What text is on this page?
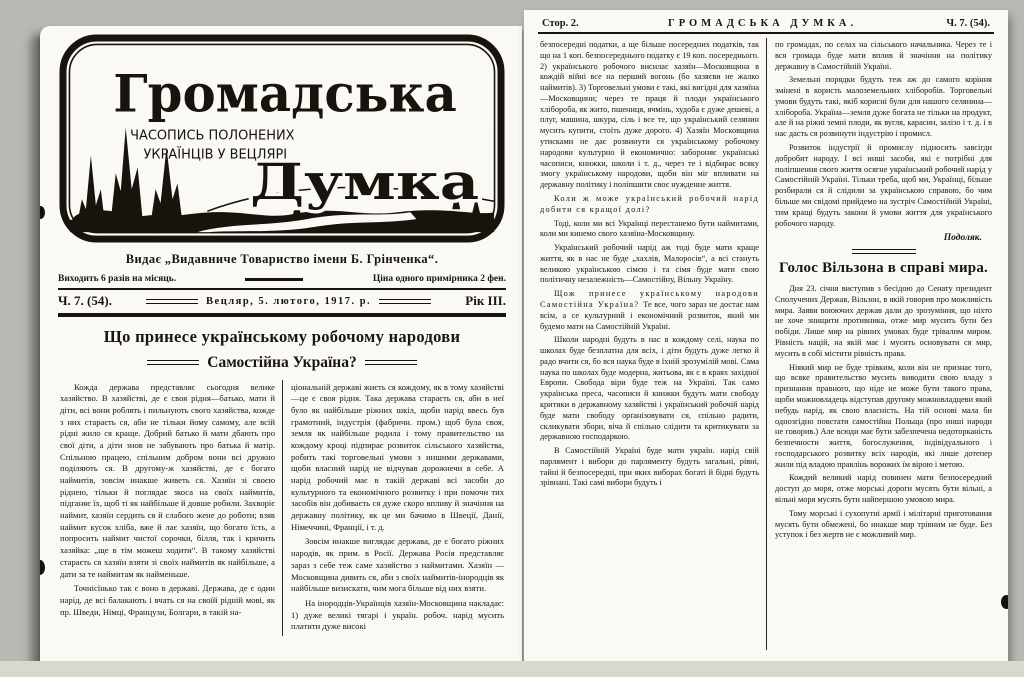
Громадська
Думка
ЧАСОПИСЬ ПОЛОНЕНИХ
УКРАЇНЦІВ У ВЕЦЛЯРІ
Видає „Видавниче Товариство імени Б. Грінченка“.
Виходить 6 разів на місяць.	Ціна одного примірника 2 фен.
Ч. 7. (54).	Вецляр, 5. лютого, 1917. р.	Рік III.
Що принесе українському робочому народови
Самостійна Україна?

Кожда держава представляє сьогодня велике хазяйство. В хазяйстві, де є своя рідня—батько, мати й діти, всі вони роблять і пильнують свого хазяйства, кожде з них стараєть ся, аби не тільки йому самому, але всій рідні жило ся краще. Добрий батько й мати дбають про свої діти, а діти знов не забувають про батька й матір. Спільною працею, спільним добром вони всі дружно поділяють ся. В другому-ж хазяйстві, де є богато наймитів, зовсім инакше живеть ся. Хазяїн зі своєю ріднею, тільки й поглядає зкоса на своїх наймитів, підганяє їх, щоб ті як найбільше й довше робили. Захворіє наймит, хазяїн сердить ся й слабого жене до роботи; взяв наймит кусок хліба, вже й лає хазяїн, що богато їсть, а попросить наймит чистої сорочки, білля, так і кричить хазяйка: „ще в тім можеш ходити“. В такому хазяйстві стараєть ся хазяїн взяти зі своїх наймитів як найбільше, а дати за те наймитам як найменьше.

Точнісїнько так є воно в державі. Держава, де є один нарід, де всі балакають і вчать ся на своїй рідній мові, як пр. Шведи, Німці, Французи, Болгари, в такій на-

ціональній державі жиєть ся кождому, як в тому хазяйстві—це є своя рідня. Така держава стараєть ся, аби в неї було як найбільше ріжних шкіл, щоби нарід ввесь був грамотний, індустрія (фабричн. пром.) щоб була своя, земля як найбільше родила і тому правительство на кождому кроці підпирає розвиток сільського хазяйства, робить такі торговельні умови з иншими державами, щоби власний нарід не відчував дорожнечи в себе. А нарід робочий має в такій державі всі засоби до культурного та економічного розвитку і при помочи тих засобів він добиваєть ся дуже скоро впливу й значіння на державну політику, як це ми бачимо в Швеції, Данії, Німеччині, Франції, і т. д.

Зовсім инакше виглядає держава, де є богато ріжних народів, як прим. в Росії. Держава Росія представляє зараз з себе теж саме хазяйство з наймитами. Хазяїн — Московщина дивить ся, аби з своїх наймитів-інородців як найбільше визискати, чим мога більше від них взяти.

На інородців-Українців хазяїн-Московщина накладає: 1) дуже великі тягарі і україн. робоч. нарід мусить платити дуже високі

Стор. 2.	ГРОМАДСЬКА ДУМКА.	Ч. 7. (54).

безпосередні податки, а ще більше посередних податків, так що на 1 коп. безпосереднього податку є 19 коп. посереднього. 2) українського робочого висилає хазяїн—Московщина в кождій війні все на перший вогонь (бо хазяєви не жалко наймитів). 3) Торговельні умови є такі, які вигідні для хазяїна—Московщини; через те праця й плоди українського хлібороба, як жито, пшениця, ячмінь, худоба є дуже дешеві, а плуг, машина, шкура, сіль і все те, що український селянин мусить купити, стоїть дуже дорого. 4) Хазяїн Московщина утисками не дає розвинути ся українському робочому народови культурно й економично: забороняє українські часописи, книжки, школи і т. д., через те і відбирає всяку змогу українському народови, щоби він міг впливати на державну політику і поліпшити своє нужденне життя.

Коли ж може український робочий нарід добити ся кращої долі?

Тоді, коли ми всі Українці перестанемо бути наймитами, коли ми кинемо свого хазяїна-Московщину.

Український робочий нарід аж тоді буде мати краще життя, як в нас не буде „хахлів, Малоросів“, а всі стануть великою українською сімєю і та сімя буде мати свою політичну незалежність—Самостійну, Вільну Україну.

Щож принесе українському народови Самостійна Україна? Те все, чого зараз не достає нам всім, а се культурний і економічний розвиток, який ми будемо мати на Самостійній Україні.

Школи народні будуть в нас в кождому селі, наука по школах буде безплатна для всіх, і діти будуть дуже легко й радо вчити ся, бо вся наука буде в їхній зрозумілій мові. Сама наука по школах буде модерна, житьова, як є в краях західної Европи. Свобода віри буде теж на Україні. Так само українська преса, часописи й книжки будуть мати свободу критики в державному хазяйстві і український робочій нарід буде мати свободу орґанізовувати ся, спільно радити, скликувати збори, віча й спільно слідити та критикувати за державною господаркою.

В Самостійній Україні буде мати україн. нарід свій парлямент і вибори до парляменту будуть загальні, рівні, тайні й безпосередні, при яких виборах богаті й бідні будуть зрівнані. Такі самі вибори будуть і

по громадах, по селах на сільського начальника. Через те і вся громада буде мати вплив й значіння на політику державну в Самостійній Україні.

Земельні порядки будуть теж аж до самого коріння змінені в користь малоземельних хліборобів. Торговельні умови будуть такі, якіб корисні були для нашого селянина—хлібороба. Україна—земля дуже богата не тільки на продукт, але й на ріжні земні плоди, як вугля, карасин, залізо і т. д. і в нас дасть ся розвинути індустрію і промисл.

Розвиток індустрії й промислу підносить завсігди добробит народу. І всі инші засоби, які є потрібні для поліпшення свого життя осягне український робочий нарід у Самостійній Україні. Тільки треба, щоб ми, Українці, більше розбирали ся й слідили за українською справою, бо чим більше ми свідомі прийдемо на зустріч Самостійній Україні, тим кращі будуть закони й умови життя для українського робочого народу.

Подоляк.
Голос Вільзона в справі мира.

Дня 23. січня виступив з бесідою до Сенату президент Сполучених Держав, Вільзон, в якій говорив про можливість мира. Заяви воюючих держав дали до зрозуміння, що ніхто не хоче знищити противника, отже мир мусить бути без побіди. Лише мир на рівних умовах буде трівалим миром. Рівність націй, на якій має і мусить основувати ся мир, мусить в собі містити рівність права.

Ніякий мир не буде трівким, коли він не признає того, що всяке правительство мусить виводити свою владу з признання правного, що ніде не може бути такого права, щоби можновладець відступав другому можновладцеви який небудь нарід, як свою власність. На тій основі мала би однозгідно повстати самостійна Польща (про инші народи не говорив.) Але всюди має бути забезпечена недоторканість безпечности життя, богослуження, індівідуального і господарського розвитку всіх народів, які лише дотепер жили під владою правлінь ворожих їм вірою і метою.

Кождий великий нарід повинен мати безпосередний доступ до моря, отже морські дороги мусять бути вільні, а вільні моря мусять бути найпершою умовою мира.

Тому морські і сухопутні армії і мілітарні приготовання мусять бути обмежені, бо инакше мир трівним не буде. Без уступок і без жертв не є можливий мир.
